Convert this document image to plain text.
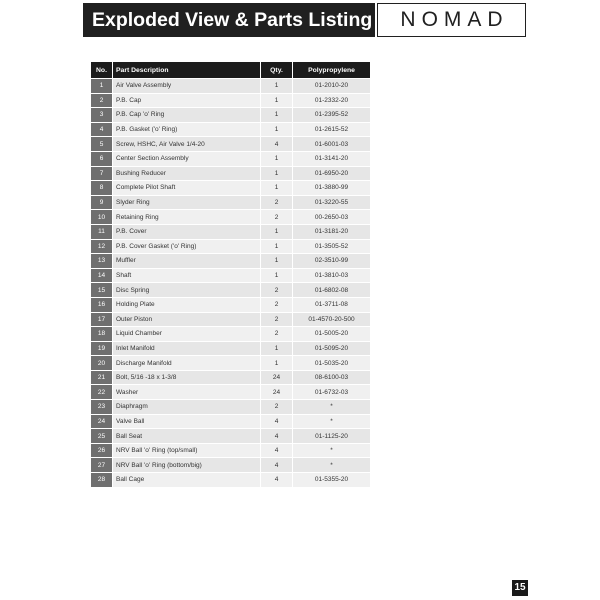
Exploded View & Parts Listing	NOMAD
No.	Part Description	Qty.	Polypropylene
1	Air Valve Assembly	1	01-2010-20
2	P.B. Cap	1	01-2332-20
3	P.B. Cap 'o' Ring	1	01-2395-52
4	P.B. Gasket ('o' Ring)	1	01-2615-52
5	Screw, HSHC, Air Valve 1/4-20	4	01-6001-03
6	Center Section Assembly	1	01-3141-20
7	Bushing Reducer	1	01-6950-20
8	Complete Pilot Shaft	1	01-3880-99
9	Slyder Ring	2	01-3220-55
10	Retaining Ring	2	00-2650-03
11	P.B. Cover	1	01-3181-20
12	P.B. Cover Gasket ('o' Ring)	1	01-3505-52
13	Muffler	1	02-3510-99
14	Shaft	1	01-3810-03
15	Disc Spring	2	01-6802-08
16	Holding Plate	2	01-3711-08
17	Outer Piston	2	01-4570-20-500
18	Liquid Chamber	2	01-5005-20
19	Inlet Manifold	1	01-5095-20
20	Discharge Manifold	1	01-5035-20
21	Bolt, 5/16 -18 x 1-3/8	24	08-6100-03
22	Washer	24	01-6732-03
23	Diaphragm	2	*
24	Valve Ball	4	*
25	Ball Seat	4	01-1125-20
26	NRV Ball 'o' Ring (top/small)	4	*
27	NRV Ball 'o' Ring (bottom/big)	4	*
28	Ball Cage	4	01-5355-20
15
